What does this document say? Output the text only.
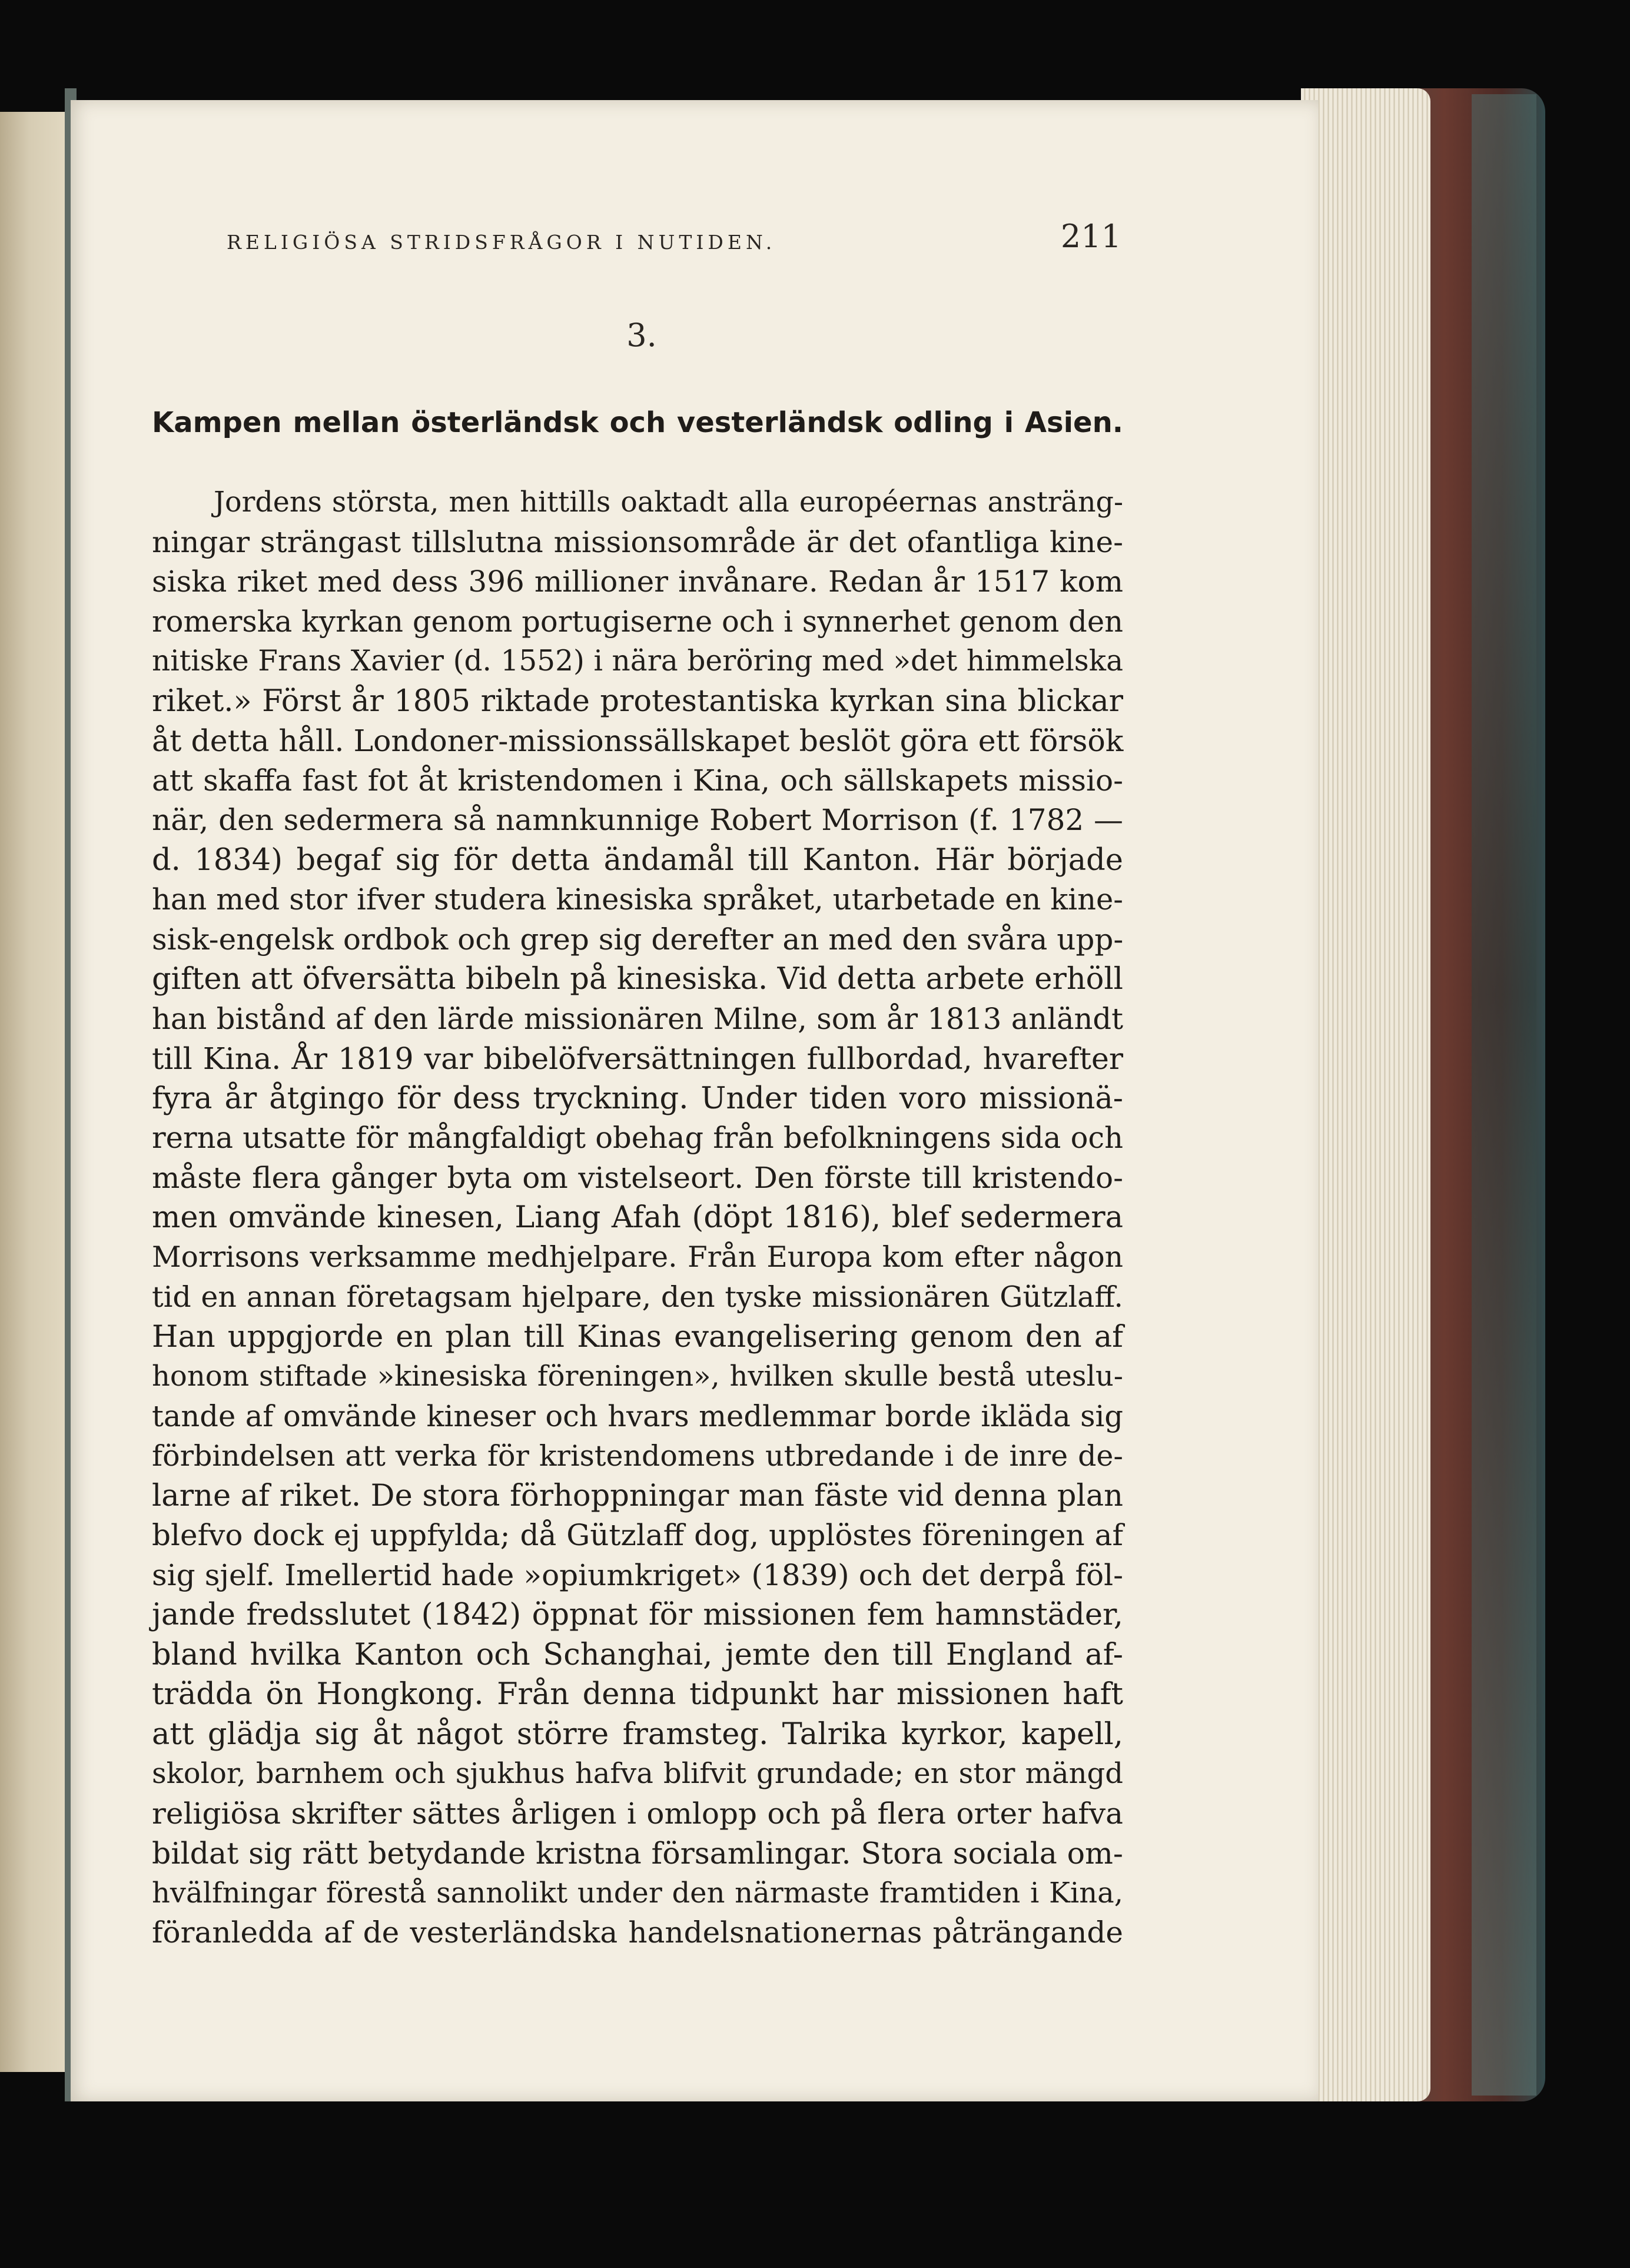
RELIGIÖSA STRIDSFRÅGOR I NUTIDEN.	211
3.
Kampen mellan österländsk och vesterländsk odling i Asien.
Jordens största, men hittills oaktadt alla européernas ansträng-
ningar strängast tillslutna missionsområde är det ofantliga kine-
siska riket med dess 396 millioner invånare. Redan år 1517 kom
romerska kyrkan genom portugiserne och i synnerhet genom den
nitiske Frans Xavier (d. 1552) i nära beröring med »det himmelska
riket.» Först år 1805 riktade protestantiska kyrkan sina blickar
åt detta håll. Londoner-missionssällskapet beslöt göra ett försök
att skaffa fast fot åt kristendomen i Kina, och sällskapets missio-
när, den sedermera så namnkunnige Robert Morrison (f. 1782 —
d. 1834) begaf sig för detta ändamål till Kanton. Här började
han med stor ifver studera kinesiska språket, utarbetade en kine-
sisk-engelsk ordbok och grep sig derefter an med den svåra upp-
giften att öfversätta bibeln på kinesiska. Vid detta arbete erhöll
han bistånd af den lärde missionären Milne, som år 1813 anländt
till Kina. År 1819 var bibelöfversättningen fullbordad, hvarefter
fyra år åtgingo för dess tryckning. Under tiden voro missionä-
rerna utsatte för mångfaldigt obehag från befolkningens sida och
måste flera gånger byta om vistelseort. Den förste till kristendo-
men omvände kinesen, Liang Afah (döpt 1816), blef sedermera
Morrisons verksamme medhjelpare. Från Europa kom efter någon
tid en annan företagsam hjelpare, den tyske missionären Gützlaff.
Han uppgjorde en plan till Kinas evangelisering genom den af
honom stiftade »kinesiska föreningen», hvilken skulle bestå uteslu-
tande af omvände kineser och hvars medlemmar borde ikläda sig
förbindelsen att verka för kristendomens utbredande i de inre de-
larne af riket. De stora förhoppningar man fäste vid denna plan
blefvo dock ej uppfylda; då Gützlaff dog, upplöstes föreningen af
sig sjelf. Imellertid hade »opiumkriget» (1839) och det derpå föl-
jande fredsslutet (1842) öppnat för missionen fem hamnstäder,
bland hvilka Kanton och Schanghai, jemte den till England af-
trädda ön Hongkong. Från denna tidpunkt har missionen haft
att glädja sig åt något större framsteg. Talrika kyrkor, kapell,
skolor, barnhem och sjukhus hafva blifvit grundade; en stor mängd
religiösa skrifter sättes årligen i omlopp och på flera orter hafva
bildat sig rätt betydande kristna församlingar. Stora sociala om-
hvälfningar förestå sannolikt under den närmaste framtiden i Kina,
föranledda af de vesterländska handelsnationernas påträngande
